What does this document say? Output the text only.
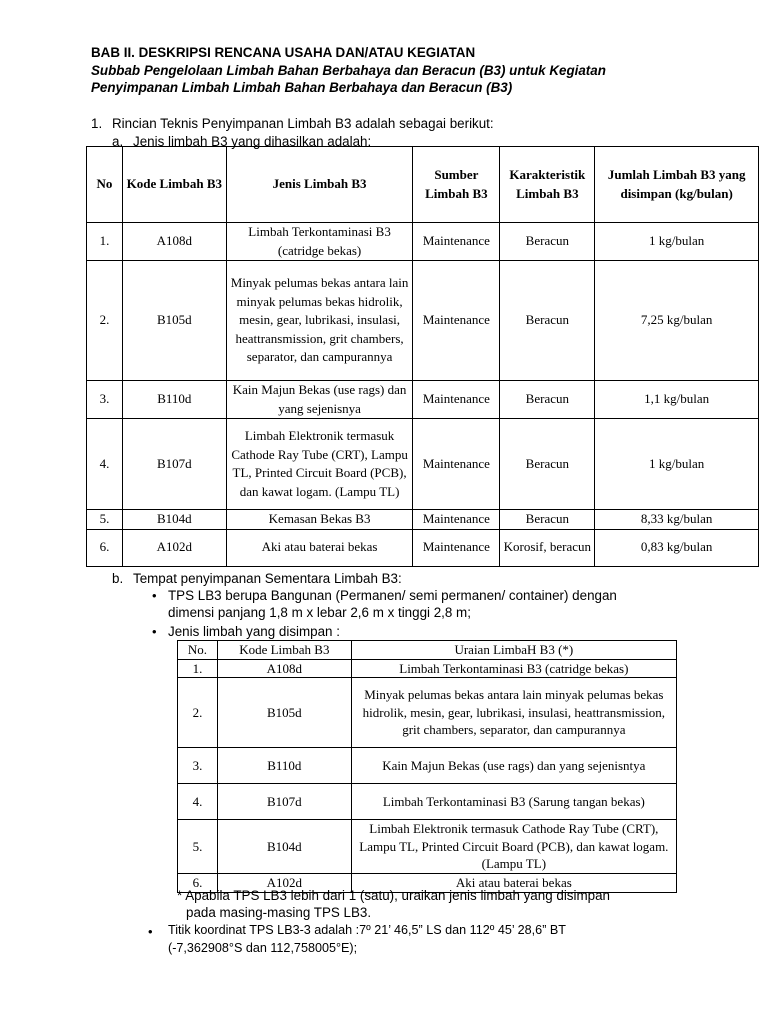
BAB II. DESKRIPSI RENCANA USAHA DAN/ATAU KEGIATAN
Subbab Pengelolaan Limbah Bahan Berbahaya dan Beracun (B3) untuk Kegiatan
Penyimpanan Limbah Limbah Bahan Berbahaya dan Beracun (B3)
1. Rincian Teknis Penyimpanan Limbah B3 adalah sebagai berikut:
a. Jenis limbah B3 yang dihasilkan adalah:
No	Kode Limbah B3	Jenis Limbah B3	Sumber Limbah B3	Karakteristik Limbah B3	Jumlah Limbah B3 yang disimpan (kg/bulan)
1.	A108d	Limbah Terkontaminasi B3 (catridge bekas)	Maintenance	Beracun	1 kg/bulan
2.	B105d	Minyak pelumas bekas antara lain minyak pelumas bekas hidrolik, mesin, gear, lubrikasi, insulasi, heattransmission, grit chambers, separator, dan campurannya	Maintenance	Beracun	7,25 kg/bulan
3.	B110d	Kain Majun Bekas (use rags) dan yang sejenisnya	Maintenance	Beracun	1,1 kg/bulan
4.	B107d	Limbah Elektronik termasuk Cathode Ray Tube (CRT), Lampu TL, Printed Circuit Board (PCB), dan kawat logam. (Lampu TL)	Maintenance	Beracun	1 kg/bulan
5.	B104d	Kemasan Bekas B3	Maintenance	Beracun	8,33 kg/bulan
6.	A102d	Aki atau baterai bekas	Maintenance	Korosif, beracun	0,83 kg/bulan
b. Tempat penyimpanan Sementara Limbah B3:
• TPS LB3 berupa Bangunan (Permanen/ semi permanen/ container) dengan
dimensi panjang 1,8 m x lebar 2,6 m x tinggi 2,8 m;
• Jenis limbah yang disimpan :
No.	Kode Limbah B3	Uraian LimbaH B3 (*)
1.	A108d	Limbah Terkontaminasi B3 (catridge bekas)
2.	B105d	Minyak pelumas bekas antara lain minyak pelumas bekas hidrolik, mesin, gear, lubrikasi, insulasi, heattransmission, grit chambers, separator, dan campurannya
3.	B110d	Kain Majun Bekas (use rags) dan yang sejenisntya
4.	B107d	Limbah Terkontaminasi B3 (Sarung tangan bekas)
5.	B104d	Limbah Elektronik termasuk Cathode Ray Tube (CRT), Lampu TL, Printed Circuit Board (PCB), dan kawat logam. (Lampu TL)
6.	A102d	Aki atau baterai bekas
* Apabila TPS LB3 lebih dari 1 (satu), uraikan jenis limbah yang disimpan
pada masing-masing TPS LB3.
• Titik koordinat TPS LB3-3 adalah :7º 21’ 46,5” LS dan 112º 45’ 28,6” BT
(-7,362908°S dan 112,758005°E);
